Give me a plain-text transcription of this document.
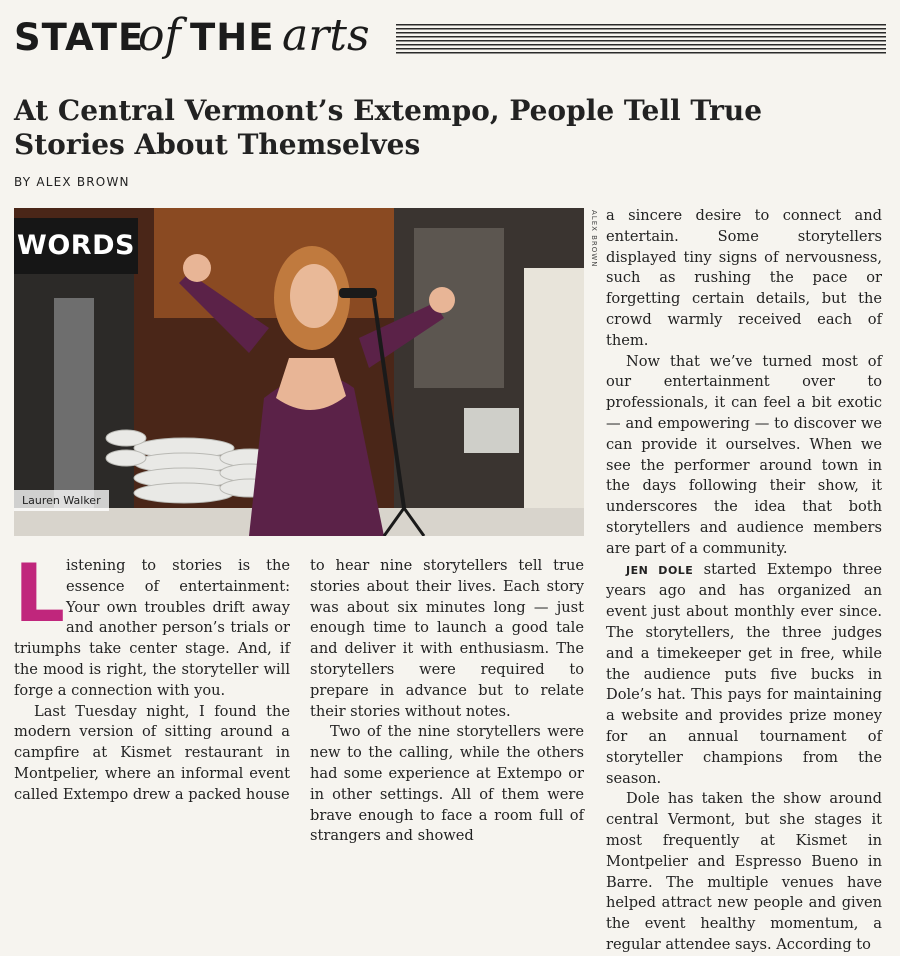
STATE
of THE arts
At Central Vermont’s Extempo, People Tell True Stories About Themselves
BY ALEX BROWN
WORDS
Lauren Walker
ALEX BROWN

Listening to stories is the essence of entertainment: Your own troubles drift away and another person’s trials or triumphs take center stage. And, if the mood is right, the storyteller will forge a connection with you.

Last Tuesday night, I found the modern version of sitting around a campfire at Kismet restaurant in Montpelier, where an informal event called Extempo drew a packed house

to hear nine storytellers tell true stories about their lives. Each story was about six minutes long — just enough time to launch a good tale and deliver it with enthusiasm. The storytellers were required to prepare in advance but to relate their stories without notes.

Two of the nine storytellers were new to the calling, while the others had some experience at Extempo or in other settings. All of them were brave enough to face a room full of strangers and showed

a sincere desire to connect and entertain. Some storytellers displayed tiny signs of nervousness, such as rushing the pace or forgetting certain details, but the crowd warmly received each of them.

Now that we’ve turned most of our entertainment over to professionals, it can feel a bit exotic — and empowering — to discover we can provide it ourselves. When we see the performer around town in the days following their show, it underscores the idea that both storytellers and audience members are part of a community.

JEN DOLE started Extempo three years ago and has organized an event just about monthly ever since. The storytellers, the three judges and a timekeeper get in free, while the audience puts five bucks in Dole’s hat. This pays for maintaining a website and provides prize money for an annual tournament of storyteller champions from the season.

Dole has taken the show around central Vermont, but she stages it most frequently at Kismet in Montpelier and Espresso Bueno in Barre. The multiple venues have helped attract new people and given the event healthy momentum, a regular attendee says. According to
